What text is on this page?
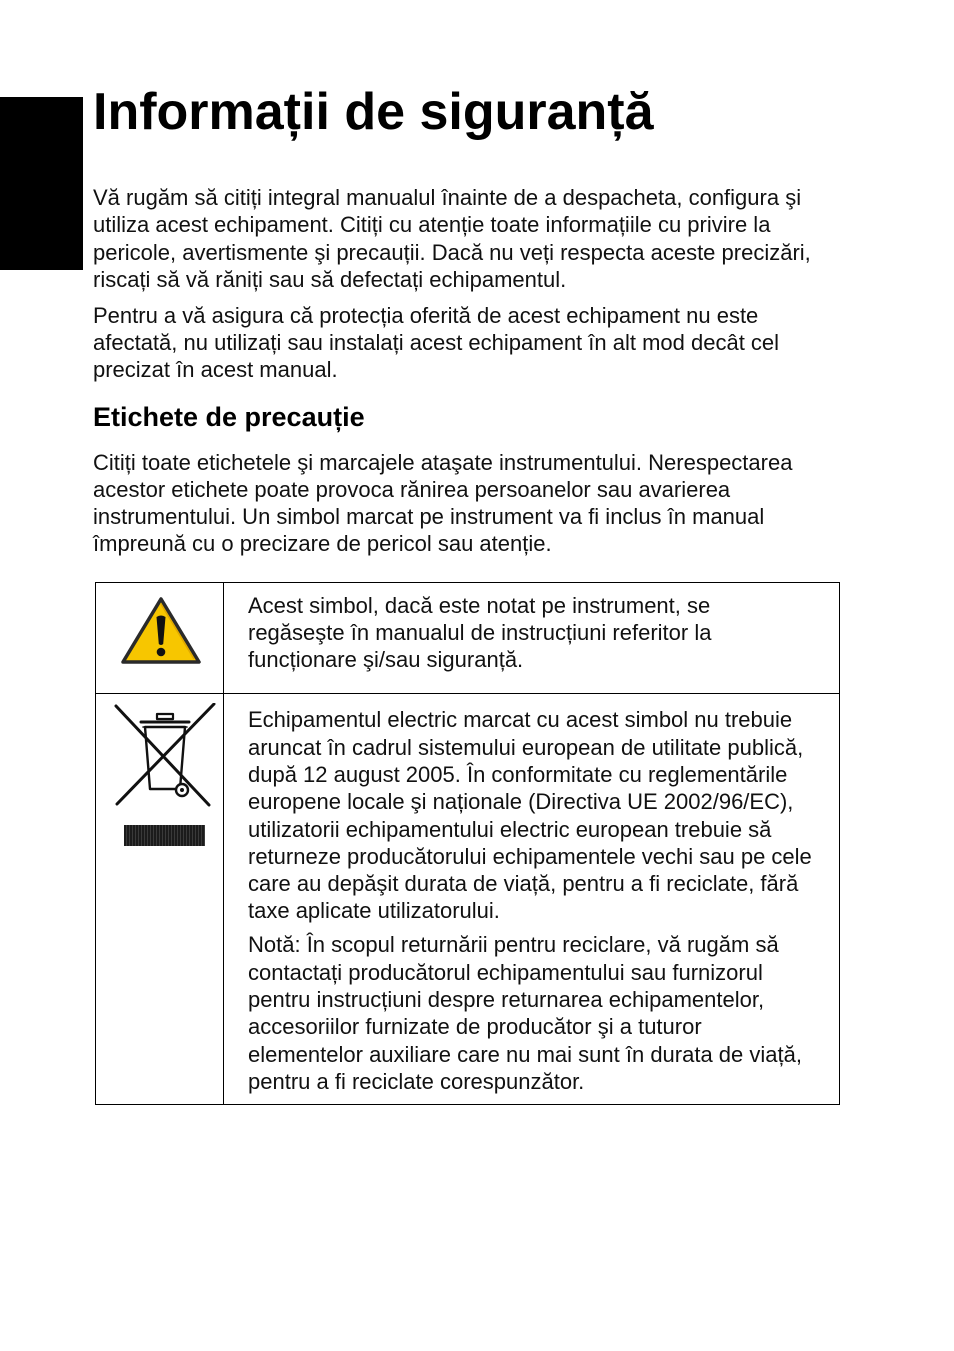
Informații de siguranță
Vă rugăm să citiți integral manualul înainte de a despacheta, configura şi
utiliza acest echipament. Citiți cu atenție toate informațiile cu privire la
pericole, avertismente şi precauții. Dacă nu veți respecta aceste precizări,
riscați să vă răniți sau să defectați echipamentul.
Pentru a vă asigura că protecția oferită de acest echipament nu este
afectată, nu utilizați sau instalați acest echipament în alt mod decât cel
precizat în acest manual.
Etichete de precauție
Citiți toate etichetele şi marcajele ataşate instrumentului. Nerespectarea
acestor etichete poate provoca rănirea persoanelor sau avarierea
instrumentului. Un simbol marcat pe instrument va fi inclus în manual
împreună cu o precizare de pericol sau atenție.
Acest simbol, dacă este notat pe instrument, se
regăseşte în manualul de instrucțiuni referitor la
funcționare şi/sau siguranță.
Echipamentul electric marcat cu acest simbol nu trebuie
aruncat în cadrul sistemului european de utilitate publică,
după 12 august 2005. În conformitate cu reglementările
europene locale şi naționale (Directiva UE 2002/96/EC),
utilizatorii echipamentului electric european trebuie să
returneze producătorului echipamentele vechi sau pe cele
care au depăşit durata de viață, pentru a fi reciclate, fără
taxe aplicate utilizatorului.
Notă: În scopul returnării pentru reciclare, vă rugăm să
contactați producătorul echipamentului sau furnizorul
pentru instrucțiuni despre returnarea echipamentelor,
accesoriilor furnizate de producător şi a tuturor
elementelor auxiliare care nu mai sunt în durata de viață,
pentru a fi reciclate corespunzător.
